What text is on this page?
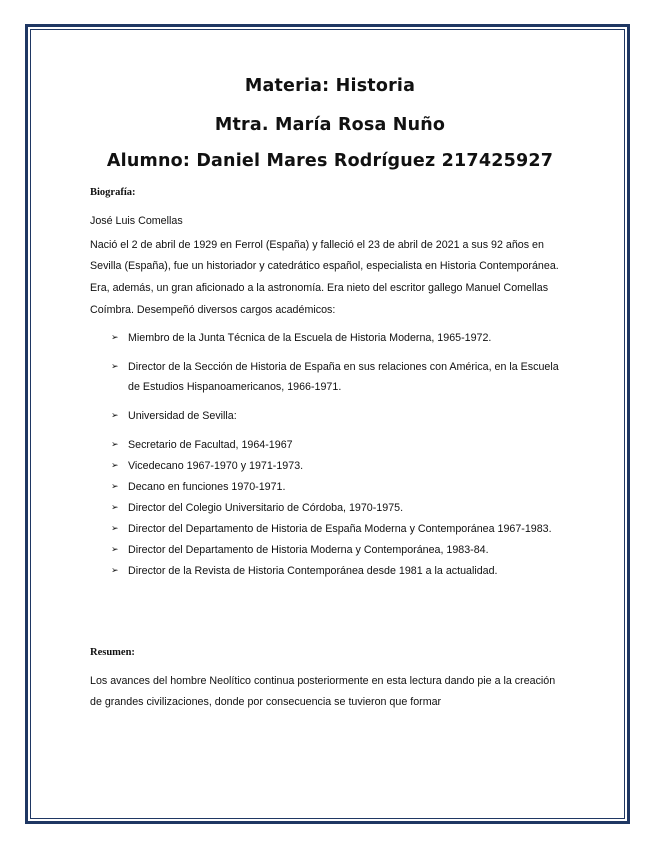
Materia: Historia
Mtra. María Rosa Nuño
Alumno: Daniel Mares Rodríguez 217425927

Biografía:

José Luis Comellas

Nació el 2 de abril de 1929 en Ferrol (España) y falleció el 23 de abril de 2021 a sus 92 años en Sevilla (España), fue un historiador y catedrático español, especialista en Historia Contemporánea. Era, además, un gran aficionado a la astronomía. Era nieto del escritor gallego Manuel Comellas Coímbra. Desempeñó diversos cargos académicos:

➢ Miembro de la Junta Técnica de la Escuela de Historia Moderna, 1965-1972.
➢ Director de la Sección de Historia de España en sus relaciones con América, en la Escuela de Estudios Hispanoamericanos, 1966-1971.
➢ Universidad de Sevilla:
➢ Secretario de Facultad, 1964-1967
➢ Vicedecano 1967-1970 y 1971-1973.
➢ Decano en funciones 1970-1971.
➢ Director del Colegio Universitario de Córdoba, 1970-1975.
➢ Director del Departamento de Historia de España Moderna y Contemporánea 1967-1983.
➢ Director del Departamento de Historia Moderna y Contemporánea, 1983-84.
➢ Director de la Revista de Historia Contemporánea desde 1981 a la actualidad.

Resumen:

Los avances del hombre Neolítico continua posteriormente en esta lectura dando pie a la creación de grandes civilizaciones, donde por consecuencia se tuvieron que formar
